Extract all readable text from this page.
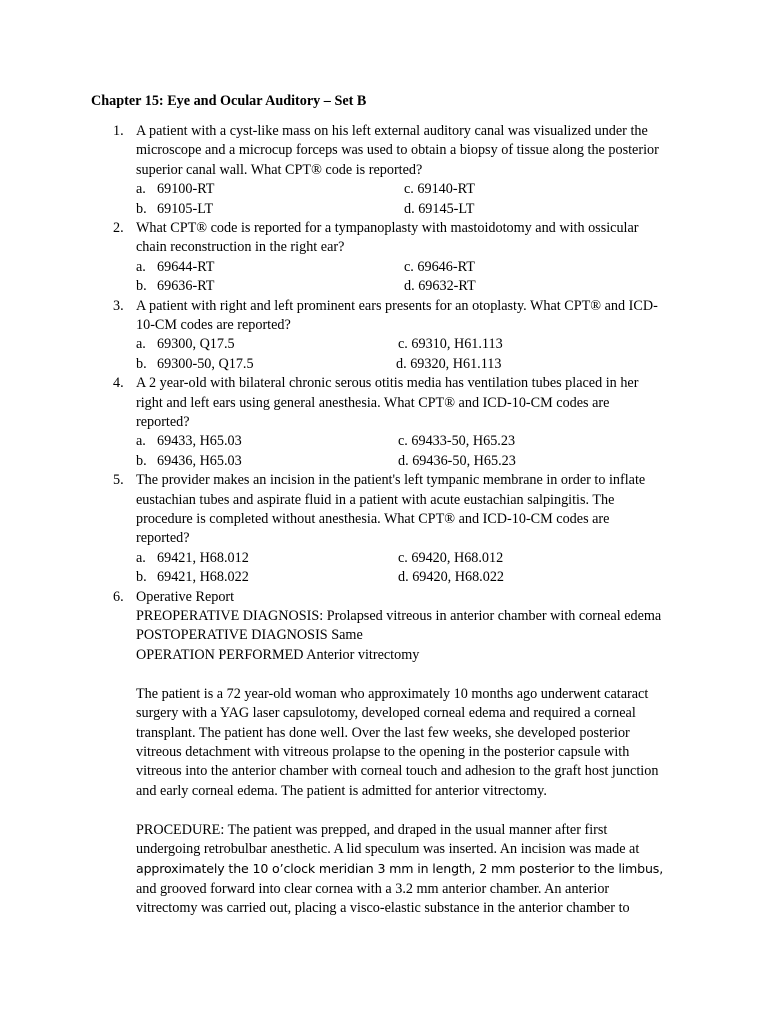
Chapter 15: Eye and Ocular Auditory – Set B
1. A patient with a cyst-like mass on his left external auditory canal was visualized under the microscope and a microcup forceps was used to obtain a biopsy of tissue along the posterior superior canal wall. What CPT® code is reported?
a. 69100-RT	c. 69140-RT
b. 69105-LT	d. 69145-LT
2. What CPT® code is reported for a tympanoplasty with mastoidotomy and with ossicular chain reconstruction in the right ear?
a. 69644-RT	c. 69646-RT
b. 69636-RT	d. 69632-RT
3. A patient with right and left prominent ears presents for an otoplasty. What CPT® and ICD-10-CM codes are reported?
a. 69300, Q17.5	c. 69310, H61.113
b. 69300-50, Q17.5	d. 69320, H61.113
4. A 2 year-old with bilateral chronic serous otitis media has ventilation tubes placed in her right and left ears using general anesthesia. What CPT® and ICD-10-CM codes are reported?
a. 69433, H65.03	c. 69433-50, H65.23
b. 69436, H65.03	d. 69436-50, H65.23
5. The provider makes an incision in the patient's left tympanic membrane in order to inflate eustachian tubes and aspirate fluid in a patient with acute eustachian salpingitis. The procedure is completed without anesthesia. What CPT® and ICD-10-CM codes are reported?
a. 69421, H68.012	c. 69420, H68.012
b. 69421, H68.022	d. 69420, H68.022
6. Operative Report
PREOPERATIVE DIAGNOSIS: Prolapsed vitreous in anterior chamber with corneal edema POSTOPERATIVE DIAGNOSIS Same
OPERATION PERFORMED Anterior vitrectomy
The patient is a 72 year-old woman who approximately 10 months ago underwent cataract surgery with a YAG laser capsulotomy, developed corneal edema and required a corneal transplant. The patient has done well. Over the last few weeks, she developed posterior vitreous detachment with vitreous prolapse to the opening in the posterior capsule with vitreous into the anterior chamber with corneal touch and adhesion to the graft host junction and early corneal edema. The patient is admitted for anterior vitrectomy.
PROCEDURE: The patient was prepped, and draped in the usual manner after first undergoing retrobulbar anesthetic. A lid speculum was inserted. An incision was made at approximately the 10 o’clock meridian 3 mm in length, 2 mm posterior to the limbus, and grooved forward into clear cornea with a 3.2 mm anterior chamber. An anterior vitrectomy was carried out, placing a visco-elastic substance in the anterior chamber to
